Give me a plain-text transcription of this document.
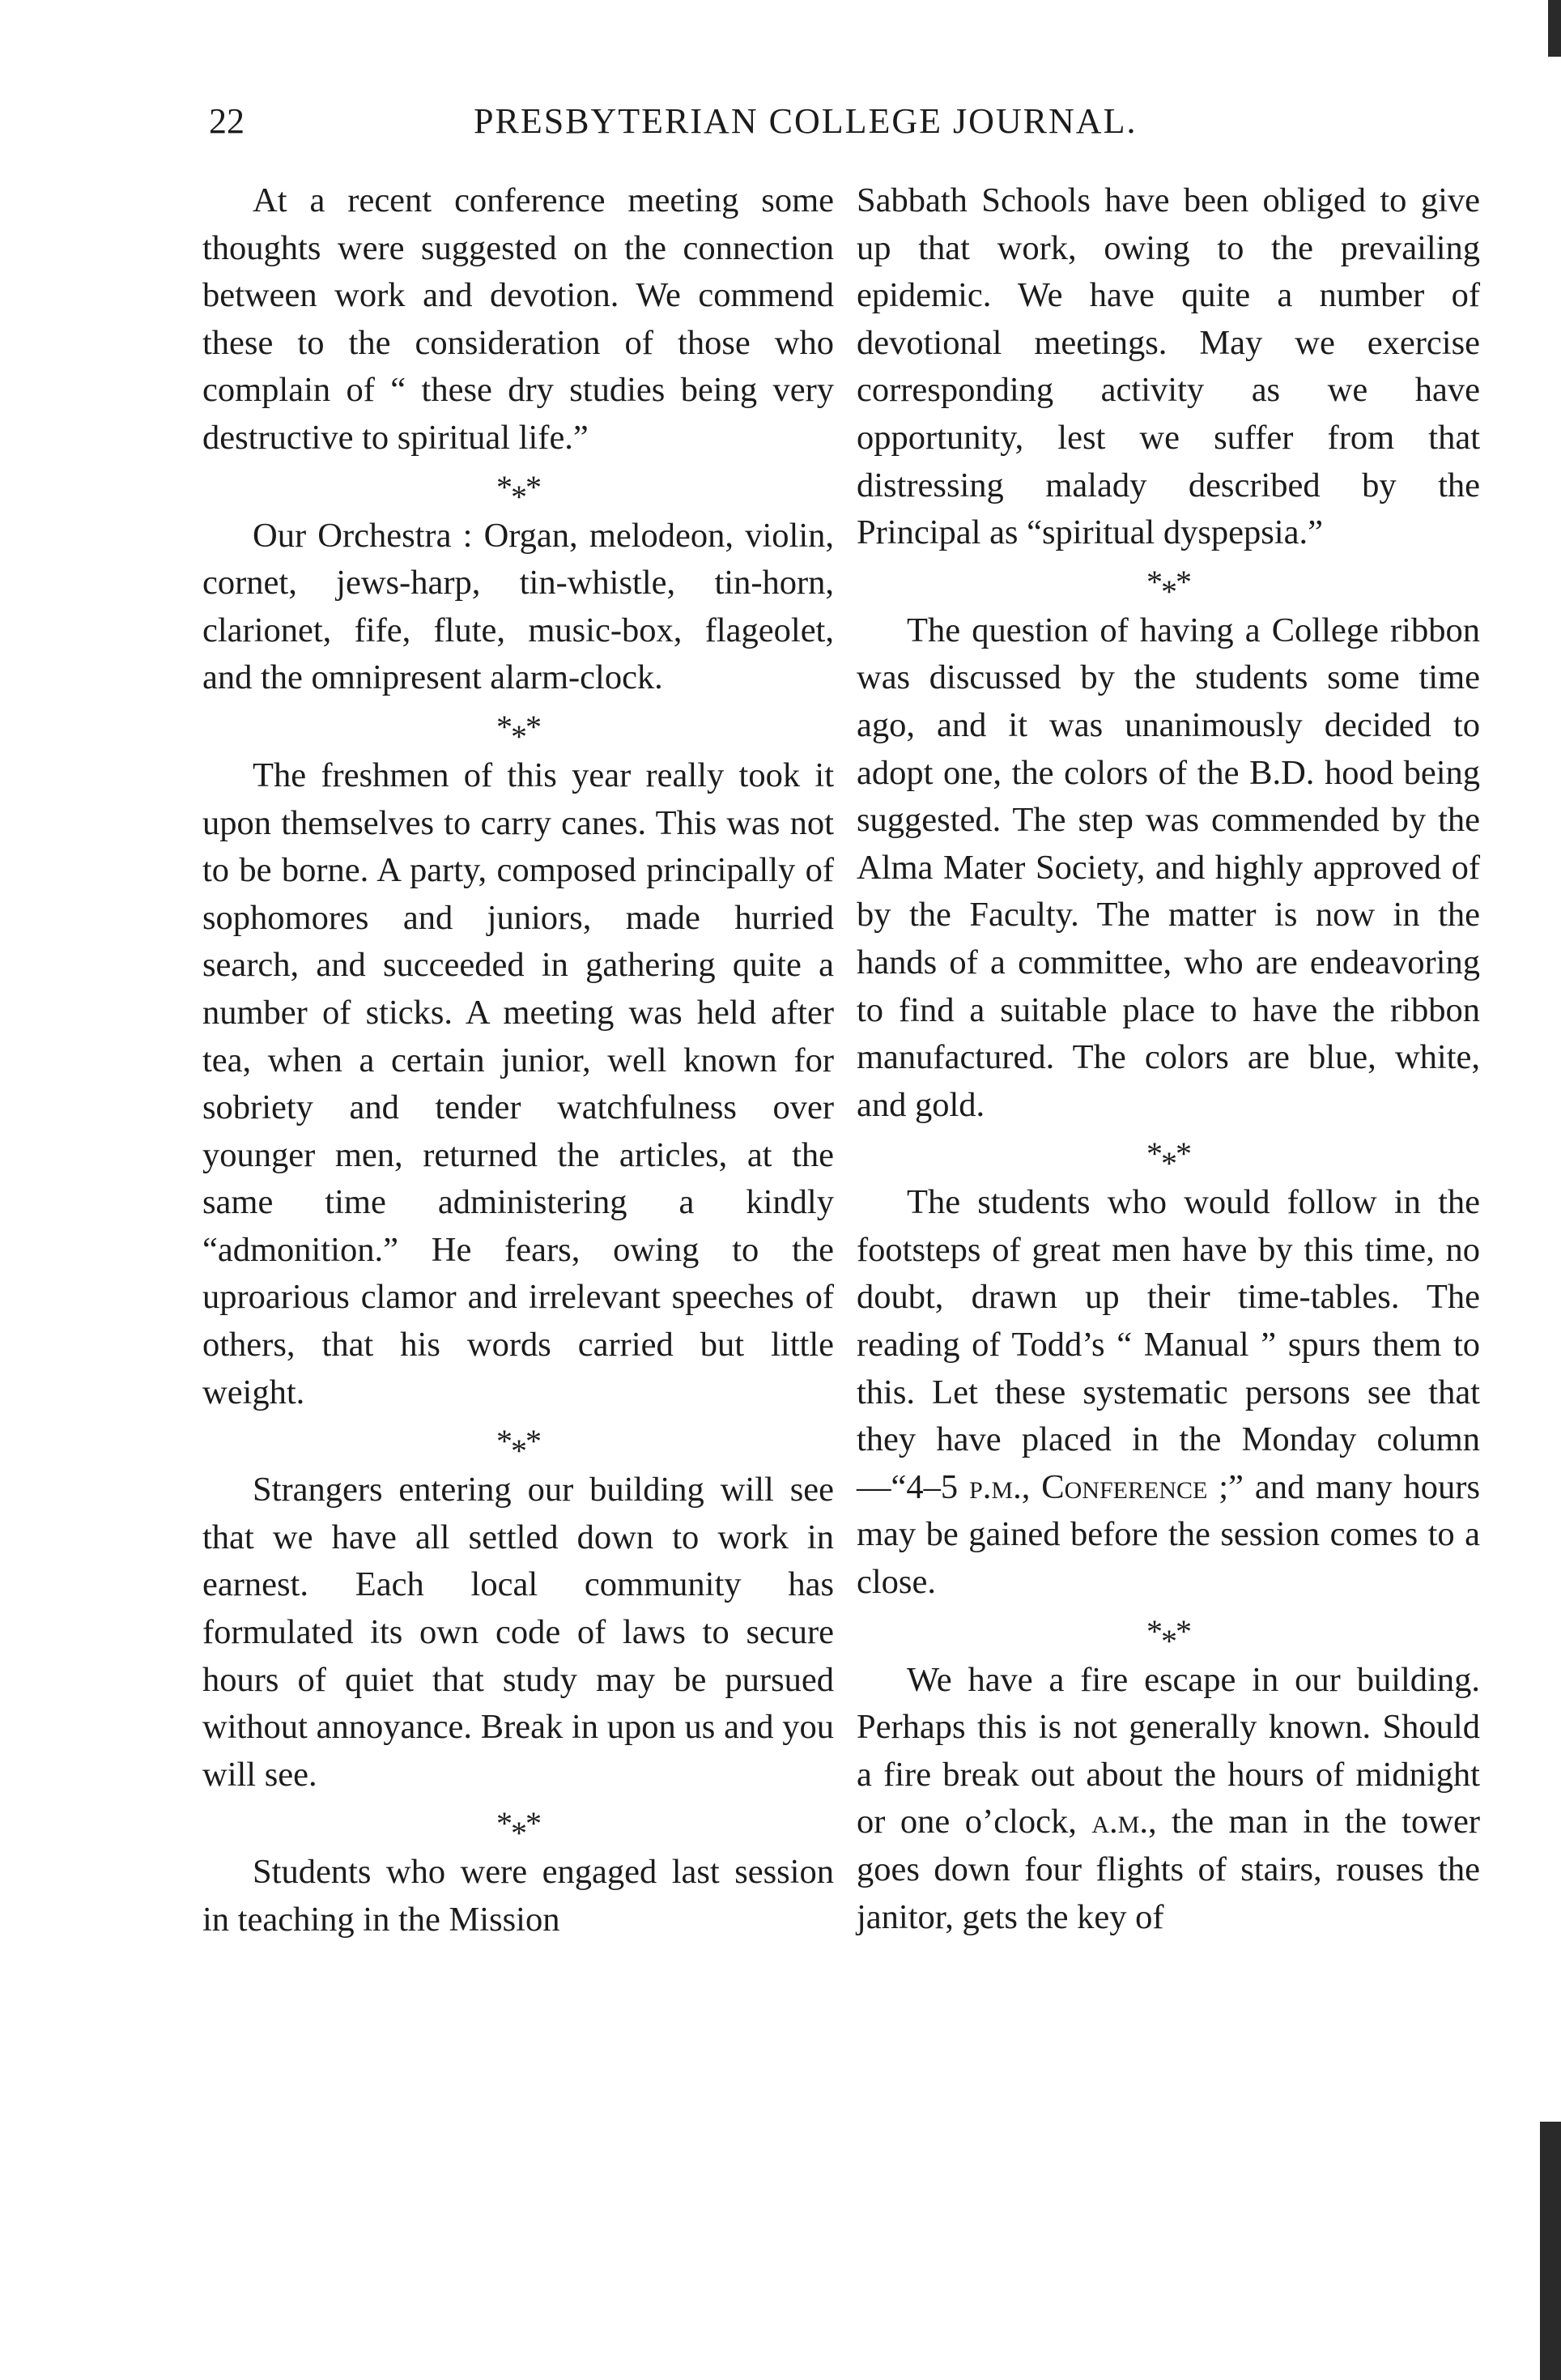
22	PRESBYTERIAN COLLEGE JOURNAL.

At a recent conference meeting some thoughts were suggested on the connection between work and devotion. We commend these to the consideration of those who complain of “ these dry studies being very destructive to spiritual life.”

***

Our Orchestra : Organ, melodeon, violin, cornet, jews-harp, tin-whistle, tin-horn, clarionet, fife, flute, music-box, flageolet, and the omnipresent alarm-clock.

***

The freshmen of this year really took it upon themselves to carry canes. This was not to be borne. A party, composed principally of sophomores and juniors, made hurried search, and succeeded in gathering quite a number of sticks. A meeting was held after tea, when a certain junior, well known for sobriety and tender watchfulness over younger men, returned the articles, at the same time administering a kindly “admonition.” He fears, owing to the uproarious clamor and irrelevant speeches of others, that his words carried but little weight.

***

Strangers entering our building will see that we have all settled down to work in earnest. Each local community has formulated its own code of laws to secure hours of quiet that study may be pursued without annoyance. Break in upon us and you will see.

***

Students who were engaged last session in teaching in the Mission

Sabbath Schools have been obliged to give up that work, owing to the prevailing epidemic. We have quite a number of devotional meetings. May we exercise corresponding activity as we have opportunity, lest we suffer from that distressing malady described by the Principal as “spiritual dyspepsia.”

***

The question of having a College ribbon was discussed by the students some time ago, and it was unanimously decided to adopt one, the colors of the B.D. hood being suggested. The step was commended by the Alma Mater Society, and highly approved of by the Faculty. The matter is now in the hands of a committee, who are endeavoring to find a suitable place to have the ribbon manufactured. The colors are blue, white, and gold.

***

The students who would follow in the footsteps of great men have by this time, no doubt, drawn up their time-tables. The reading of Todd’s “ Manual ” spurs them to this. Let these systematic persons see that they have placed in the Monday column—“4–5 p.m., Conference ;” and many hours may be gained before the session comes to a close.

***

We have a fire escape in our building. Perhaps this is not generally known. Should a fire break out about the hours of midnight or one o’clock, a.m., the man in the tower goes down four flights of stairs, rouses the janitor, gets the key of
